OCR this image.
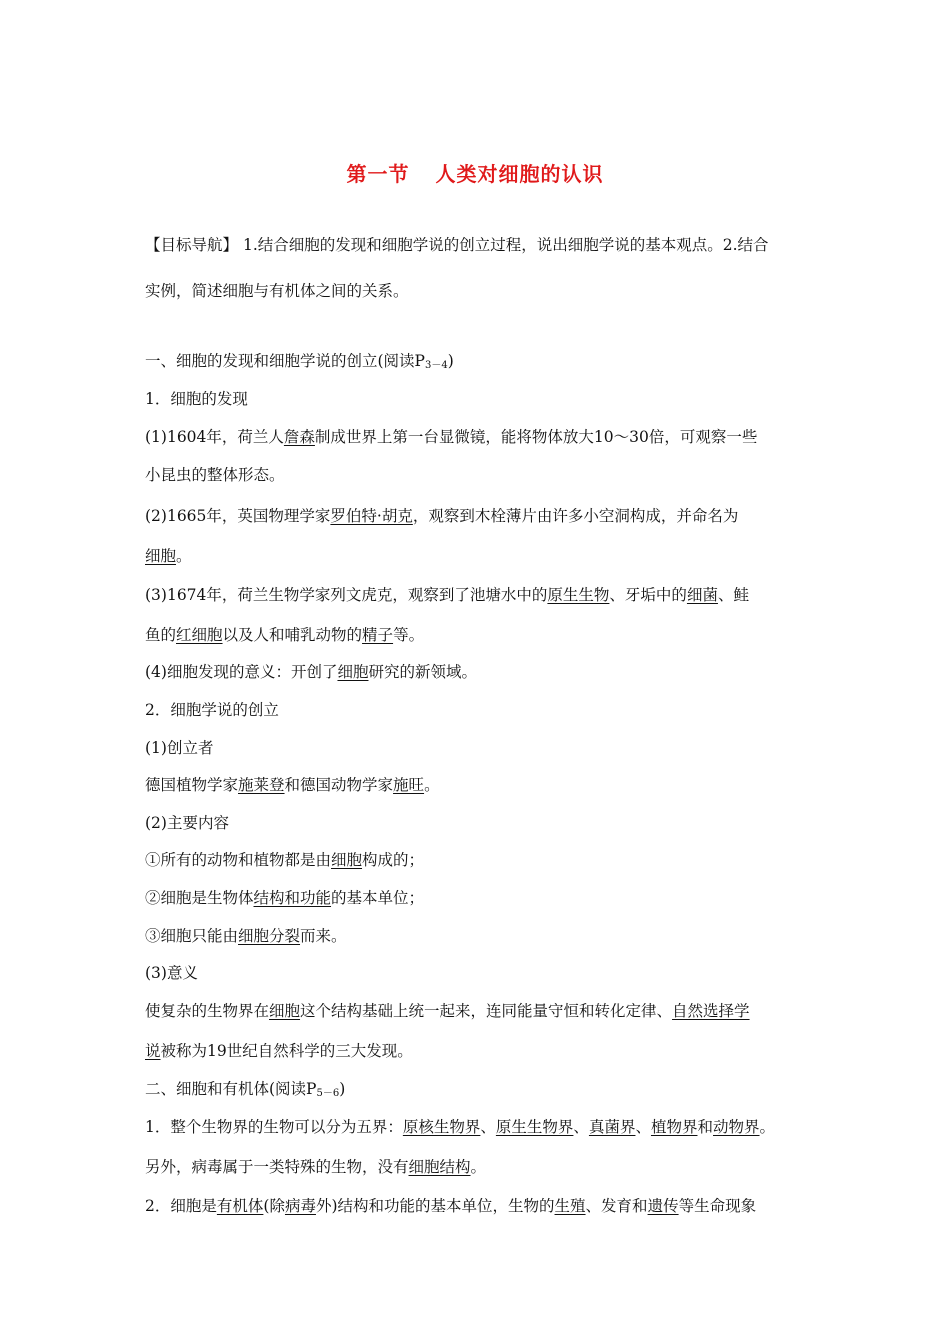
第一节 人类对细胞的认识
【目标导航】 1.结合细胞的发现和细胞学说的创立过程，说出细胞学说的基本观点。2.结合
实例，简述细胞与有机体之间的关系。
一、细胞的发现和细胞学说的创立(阅读$P_{3-4}$)
1．细胞的发现
(1)1604年，荷兰人詹森制成世界上第一台显微镜，能将物体放大10～30倍，可观察一些
小昆虫的整体形态。
(2)1665年，英国物理学家罗伯特·胡克，观察到木栓薄片由许多小空洞构成，并命名为
细胞。
(3)1674年，荷兰生物学家列文虎克，观察到了池塘水中的原生生物、牙垢中的细菌、鲑
鱼的红细胞以及人和哺乳动物的精子等。
(4)细胞发现的意义：开创了细胞研究的新领域。
2．细胞学说的创立
(1)创立者
德国植物学家施莱登和德国动物学家施旺。
(2)主要内容
①所有的动物和植物都是由细胞构成的；
②细胞是生物体结构和功能的基本单位；
③细胞只能由细胞分裂而来。
(3)意义
使复杂的生物界在细胞这个结构基础上统一起来，连同能量守恒和转化定律、自然选择学
说被称为19世纪自然科学的三大发现。
二、细胞和有机体(阅读$P_{5-6}$)
1．整个生物界的生物可以分为五界：原核生物界、原生生物界、真菌界、植物界和动物界。
另外，病毒属于一类特殊的生物，没有细胞结构。
2．细胞是有机体(除病毒外)结构和功能的基本单位，生物的生殖、发育和遗传等生命现象
